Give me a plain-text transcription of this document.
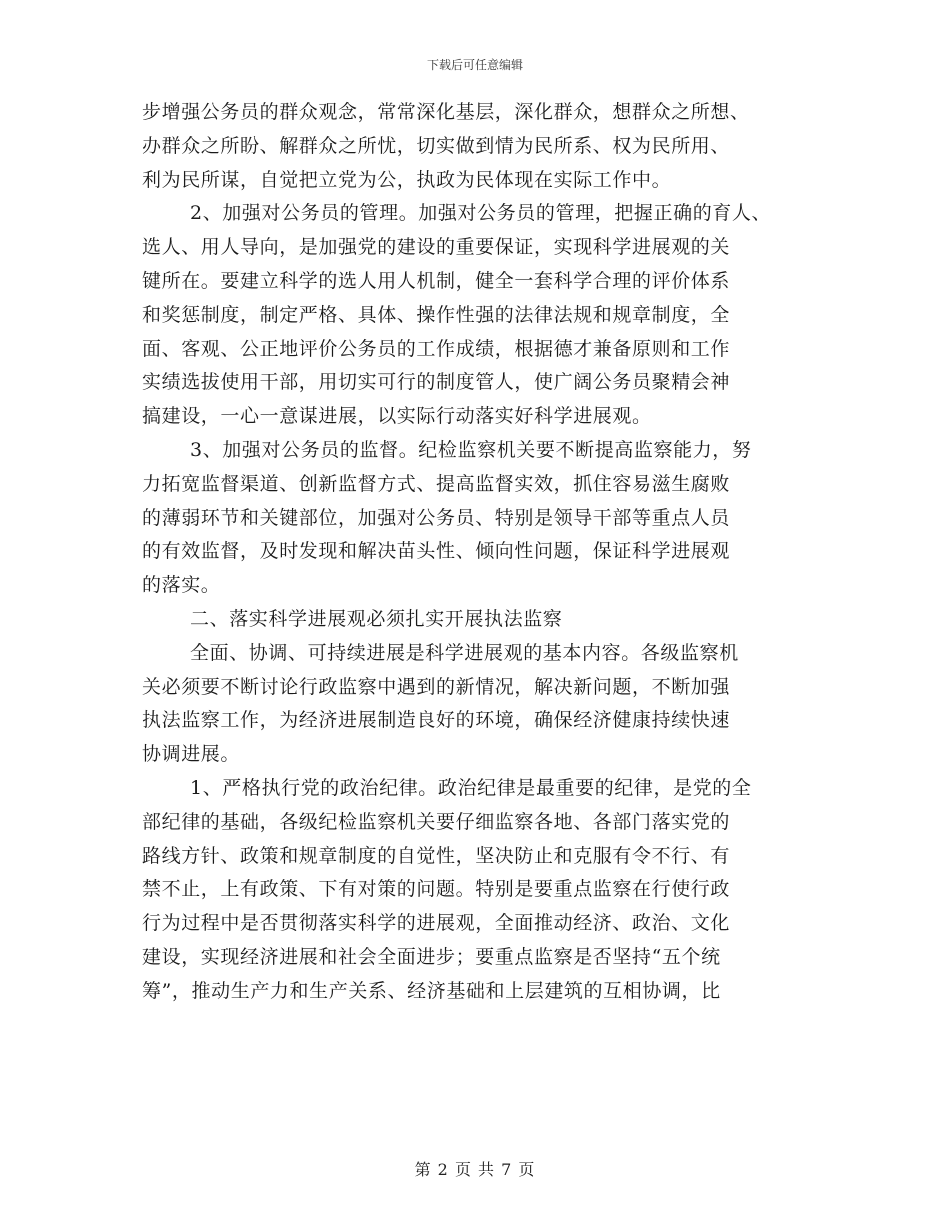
下载后可任意编辑
步增强公务员的群众观念，常常深化基层，深化群众，想群众之所想、
办群众之所盼、解群众之所忧，切实做到情为民所系、权为民所用、
利为民所谋，自觉把立党为公，执政为民体现在实际工作中。
2、加强对公务员的管理。加强对公务员的管理，把握正确的育人、
选人、用人导向，是加强党的建设的重要保证，实现科学进展观的关
键所在。要建立科学的选人用人机制，健全一套科学合理的评价体系
和奖惩制度，制定严格、具体、操作性强的法律法规和规章制度，全
面、客观、公正地评价公务员的工作成绩，根据德才兼备原则和工作
实绩选拔使用干部，用切实可行的制度管人，使广阔公务员聚精会神
搞建设，一心一意谋进展，以实际行动落实好科学进展观。
3、加强对公务员的监督。纪检监察机关要不断提高监察能力，努
力拓宽监督渠道、创新监督方式、提高监督实效，抓住容易滋生腐败
的薄弱环节和关键部位，加强对公务员、特别是领导干部等重点人员
的有效监督，及时发现和解决苗头性、倾向性问题，保证科学进展观
的落实。
二、落实科学进展观必须扎实开展执法监察
全面、协调、可持续进展是科学进展观的基本内容。各级监察机
关必须要不断讨论行政监察中遇到的新情况，解决新问题，不断加强
执法监察工作，为经济进展制造良好的环境，确保经济健康持续快速
协调进展。
1、严格执行党的政治纪律。政治纪律是最重要的纪律，是党的全
部纪律的基础，各级纪检监察机关要仔细监察各地、各部门落实党的
路线方针、政策和规章制度的自觉性，坚决防止和克服有令不行、有
禁不止，上有政策、下有对策的问题。特别是要重点监察在行使行政
行为过程中是否贯彻落实科学的进展观，全面推动经济、政治、文化
建设，实现经济进展和社会全面进步；要重点监察是否坚持“五个统
筹”，推动生产力和生产关系、经济基础和上层建筑的互相协调，比
第 2 页 共 7 页
